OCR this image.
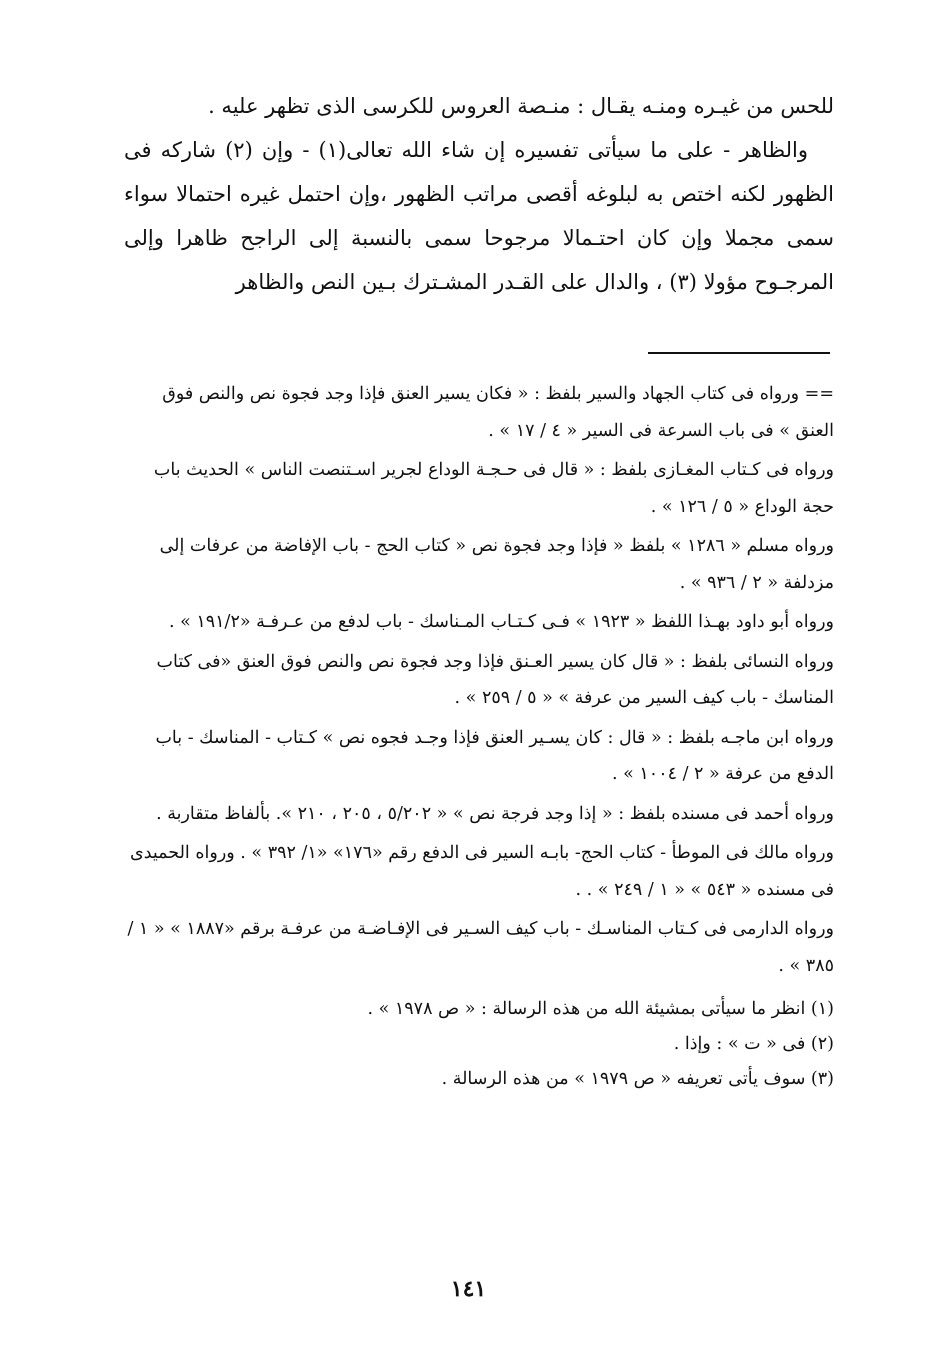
للحس من غيـره ومنـه يقـال : منـصة العروس للكرسى الذى تظهر عليه .

والظاهر - على ما سيأتى تفسيره إن شاء الله تعالى(١) - وإن (٢) شاركه فى الظهور لكنه اختص به لبلوغه أقصى مراتب الظهور ،وإن احتمل غيره احتمالا سواء سمى مجملا وإن كان احتـمالا مرجوحا سمى بالنسبة إلى الراجح ظاهرا وإلى المرجـوح مؤولا (٣) ، والدال على القـدر المشـترك بـين النص والظاهر

== ورواه فى كتاب الجهاد والسير بلفظ : « فكان يسير العنق فإذا وجد فجوة نص والنص فوق العنق » فى باب السرعة فى السير « ٤ / ١٧ » .

ورواه فى كـتاب المغـازى بلفظ : « قال فى حـجـة الوداع لجرير اسـتنصت الناس » الحديث باب حجة الوداع « ٥ / ١٢٦ » .

ورواه مسلم « ١٢٨٦ » بلفظ « فإذا وجد فجوة نص « كتاب الحج - باب الإفاضة من عرفات إلى مزدلفة « ٢ / ٩٣٦ » .

ورواه أبو داود بهـذا اللفظ « ١٩٢٣ » فـى كـتـاب المـناسك - باب لدفع من عـرفـة «١٩١/٢ » .

ورواه النسائى بلفظ : « قال كان يسير العـنق فإذا وجد فجوة نص والنص فوق العنق «فى كتاب المناسك - باب كيف السير من عرفة » « ٥ / ٢٥٩ » .

ورواه ابن ماجـه بلفظ : « قال : كان يسـير العنق فإذا وجـد فجوه نص » كـتاب - المناسك - باب الدفع من عرفة « ٢ / ١٠٠٤ » .

ورواه أحمد فى مسنده بلفظ : « إذا وجد فرجة نص » « ٥/٢٠٢ ، ٢٠٥ ، ٢١٠ ». بألفاظ متقاربة .

ورواه مالك فى الموطأ - كتاب الحج- بابـه السير فى الدفع رقم «١٧٦» «١/ ٣٩٢ » . ورواه الحميدى فى مسنده « ٥٤٣ » « ١ / ٢٤٩ » . .

ورواه الدارمى فى كـتاب المناسـك - باب كيف السـير فى الإفـاضـة من عرفـة برقم «١٨٨٧ » « ١ / ٣٨٥ » .

(١) انظر ما سيأتى بمشيئة الله من هذه الرسالة : « ص ١٩٧٨ » .

(٢) فى « ت » : وإذا .

(٣) سوف يأتى تعريفه « ص ١٩٧٩ » من هذه الرسالة .

١٤١
